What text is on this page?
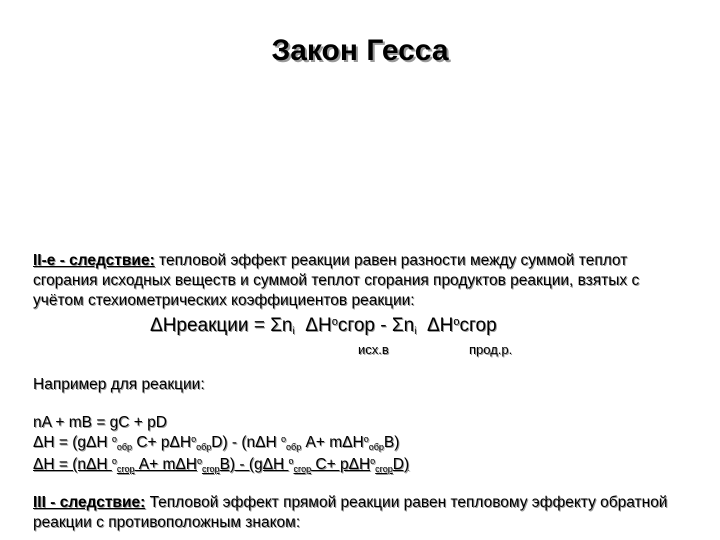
Закон Гесса
II-е - следствие: тепловой эффект реакции равен разности между суммой теплот
сгорания исходных веществ и суммой теплот сгорания продуктов реакции, взятых с
учётом стехиометрических коэффициентов реакции:
ΔНреакции = Σni $\Delta Н^oсгор$ - Σni $\Delta Н^oсгор$
исх.в	прод.р.
Например для реакции:
nA + mB = gC + pD
ΔН = (gΔН $^o_{обр}$ С+ pΔН$^o_{обр}$D) - (nΔН $^o_{обр}$ А+ mΔН$^o_{обр}$В)
ΔН = (nΔН $^o_{сгор}$ А+ mΔН$^o_{сгор}$В) - (gΔН $^o_{сгор}$ С+ pΔН$^o_{сгор}$D)
III - следствие: Тепловой эффект прямой реакции равен тепловому эффекту обратной
реакции с противоположным знаком:
